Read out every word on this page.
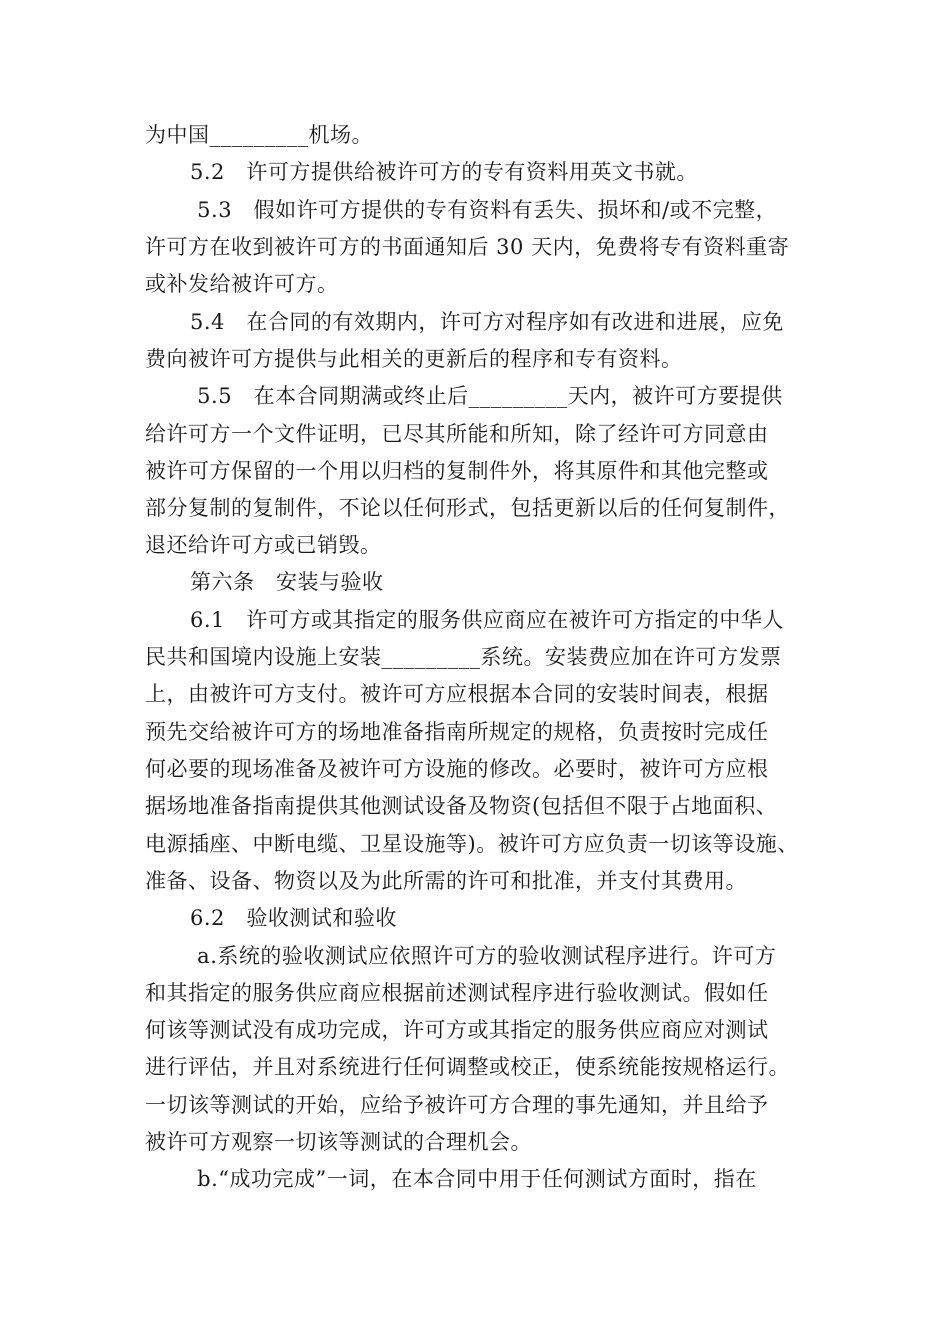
为中国_________机场。
5.2   许可方提供给被许可方的专有资料用英文书就。
5.3   假如许可方提供的专有资料有丢失、损坏和/或不完整，
许可方在收到被许可方的书面通知后 30 天内，免费将专有资料重寄
或补发给被许可方。
5.4   在合同的有效期内，许可方对程序如有改进和进展，应免
费向被许可方提供与此相关的更新后的程序和专有资料。
5.5   在本合同期满或终止后_________天内，被许可方要提供
给许可方一个文件证明，已尽其所能和所知，除了经许可方同意由
被许可方保留的一个用以归档的复制件外，将其原件和其他完整或
部分复制的复制件，不论以任何形式，包括更新以后的任何复制件，
退还给许可方或已销毁。
第六条   安装与验收
6.1   许可方或其指定的服务供应商应在被许可方指定的中华人
民共和国境内设施上安装_________系统。安装费应加在许可方发票
上，由被许可方支付。被许可方应根据本合同的安装时间表，根据
预先交给被许可方的场地准备指南所规定的规格，负责按时完成任
何必要的现场准备及被许可方设施的修改。必要时，被许可方应根
据场地准备指南提供其他测试设备及物资(包括但不限于占地面积、
电源插座、中断电缆、卫星设施等)。被许可方应负责一切该等设施、
准备、设备、物资以及为此所需的许可和批准，并支付其费用。
6.2   验收测试和验收
a.系统的验收测试应依照许可方的验收测试程序进行。许可方
和其指定的服务供应商应根据前述测试程序进行验收测试。假如任
何该等测试没有成功完成，许可方或其指定的服务供应商应对测试
进行评估，并且对系统进行任何调整或校正，使系统能按规格运行。
一切该等测试的开始，应给予被许可方合理的事先通知，并且给予
被许可方观察一切该等测试的合理机会。
b.“成功完成”一词，在本合同中用于任何测试方面时，指在
